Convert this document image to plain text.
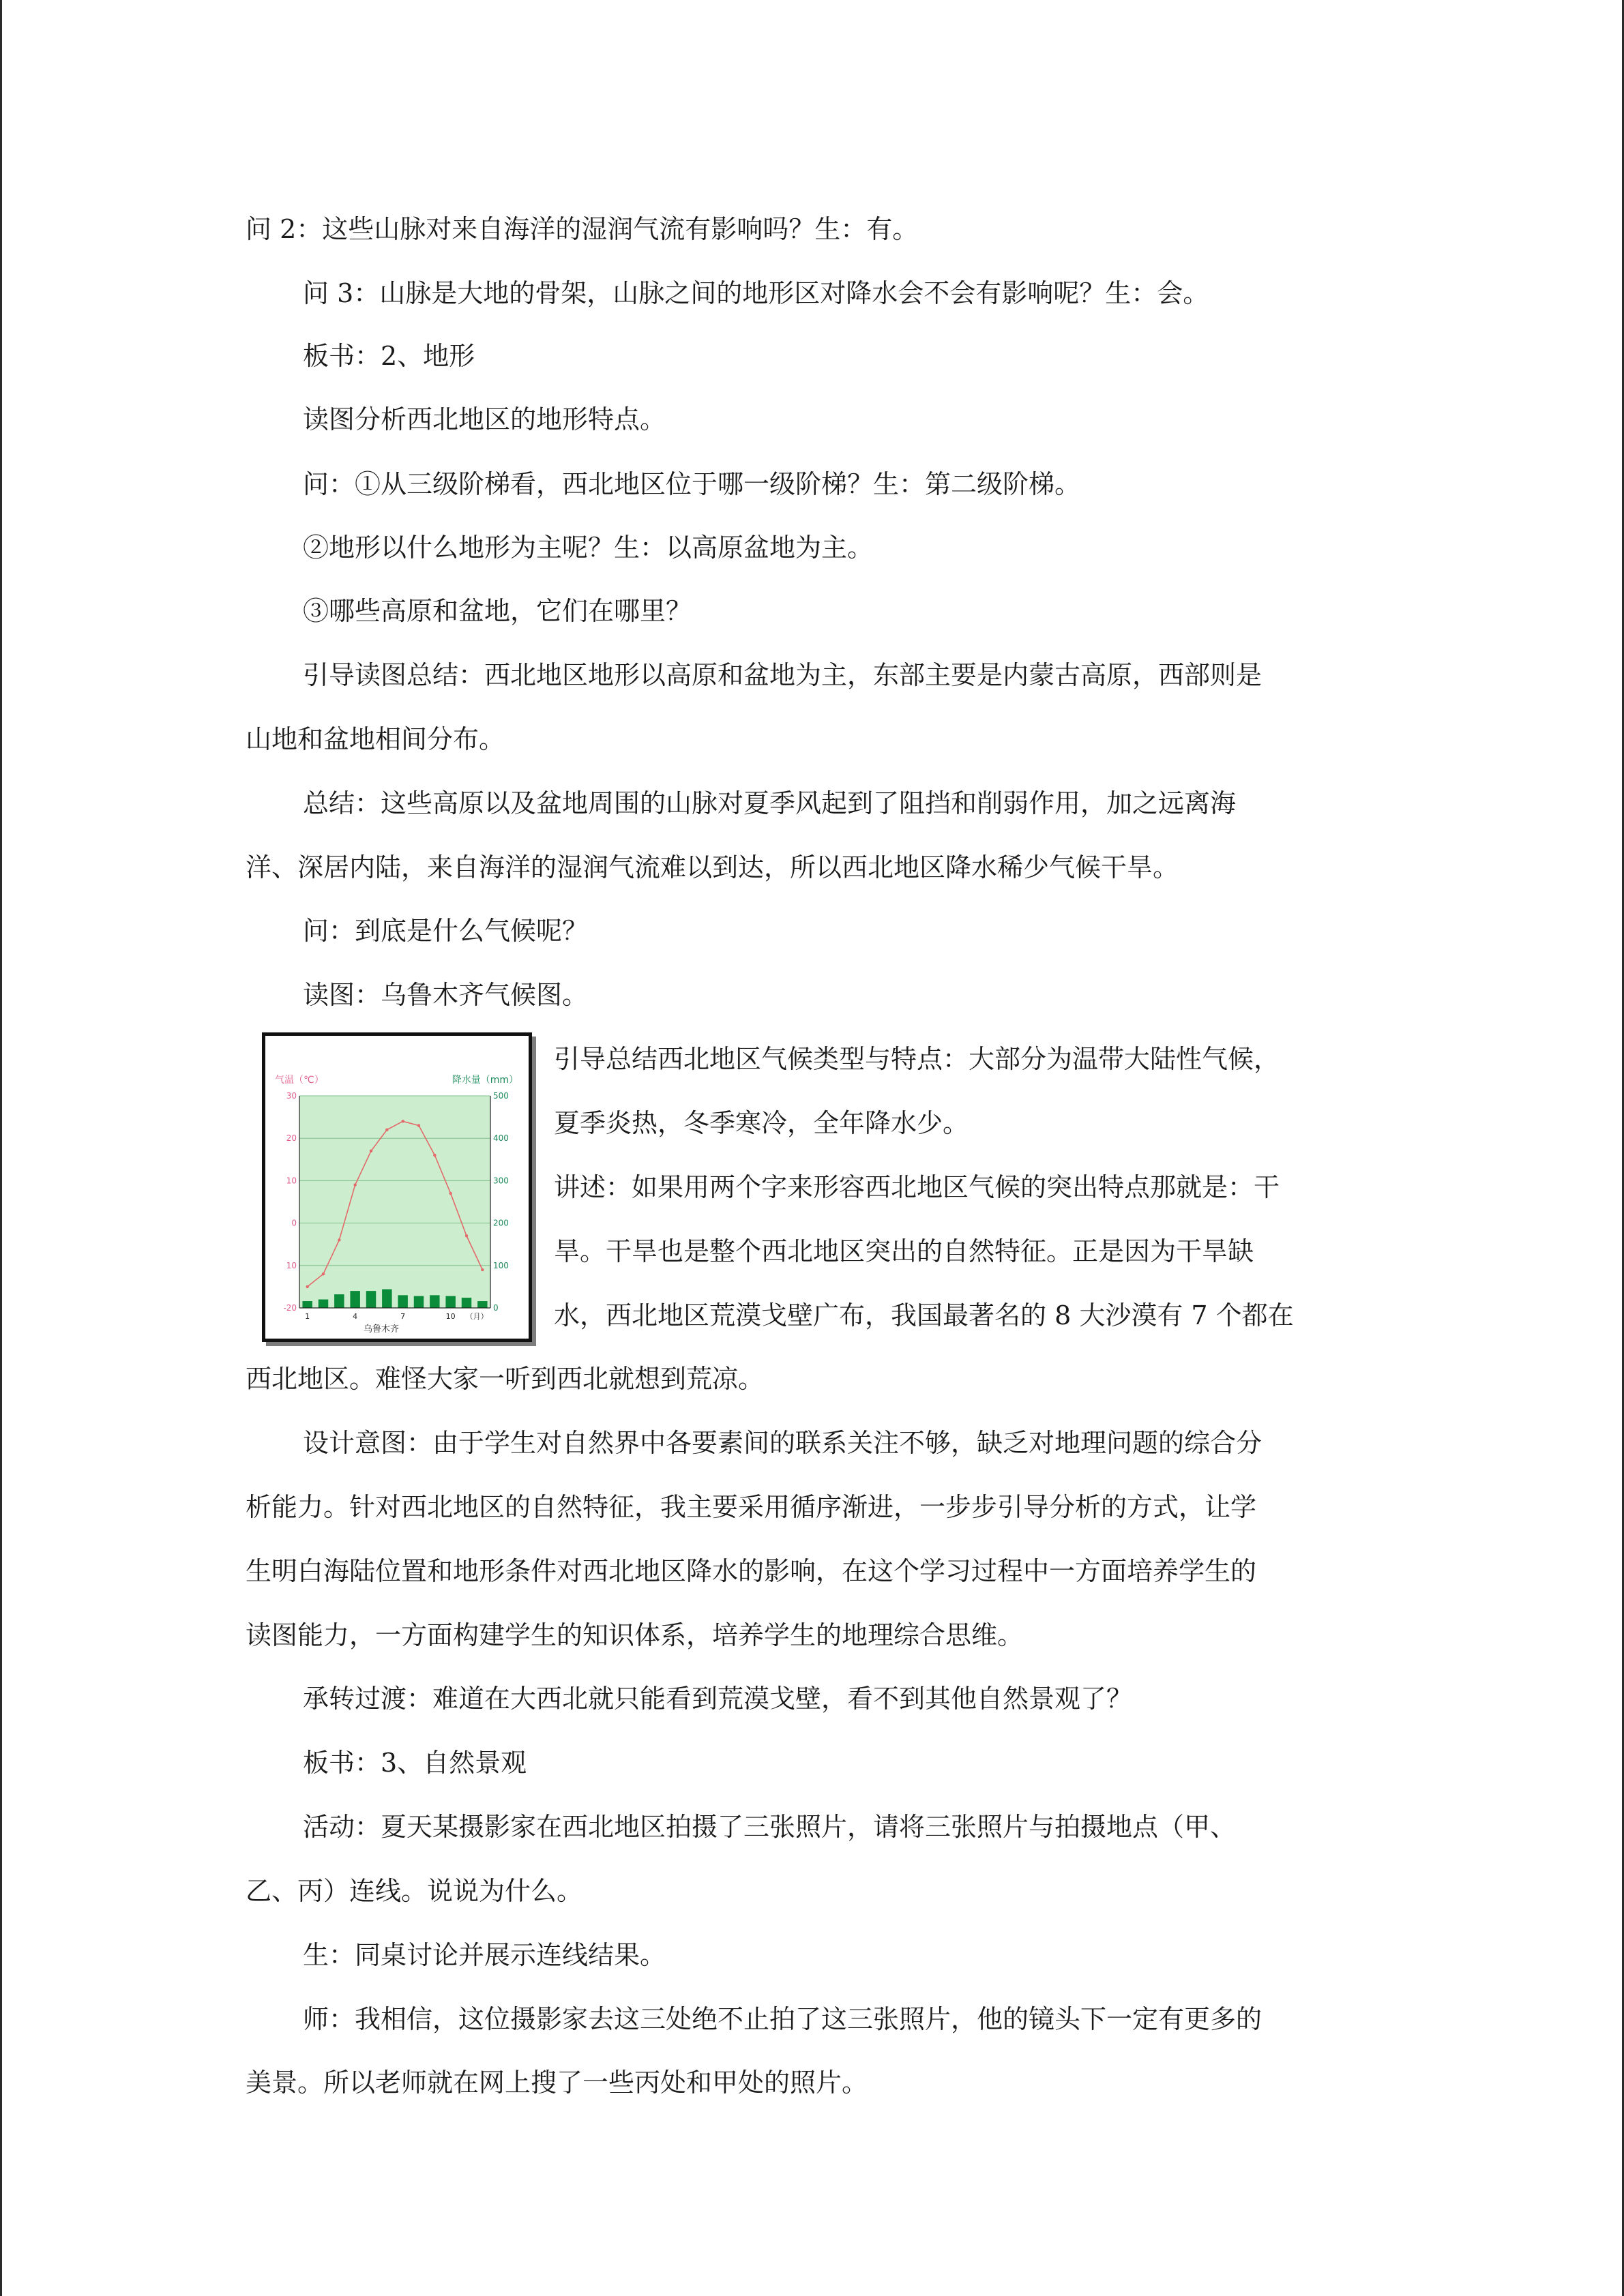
问 2：这些山脉对来自海洋的湿润气流有影响吗？生：有。
问 3：山脉是大地的骨架，山脉之间的地形区对降水会不会有影响呢？生：会。
板书：2、地形
读图分析西北地区的地形特点。
问：①从三级阶梯看，西北地区位于哪一级阶梯？生：第二级阶梯。
②地形以什么地形为主呢？生：以高原盆地为主。
③哪些高原和盆地，它们在哪里？
引导读图总结：西北地区地形以高原和盆地为主，东部主要是内蒙古高原，西部则是
山地和盆地相间分布。
总结：这些高原以及盆地周围的山脉对夏季风起到了阻挡和削弱作用，加之远离海
洋、深居内陆，来自海洋的湿润气流难以到达，所以西北地区降水稀少气候干旱。
问：到底是什么气候呢？
读图：乌鲁木齐气候图。
引导总结西北地区气候类型与特点：大部分为温带大陆性气候，
夏季炎热，冬季寒冷，全年降水少。
讲述：如果用两个字来形容西北地区气候的突出特点那就是：干
旱。干旱也是整个西北地区突出的自然特征。正是因为干旱缺
水，西北地区荒漠戈壁广布，我国最著名的 8 大沙漠有 7 个都在
西北地区。难怪大家一听到西北就想到荒凉。
设计意图：由于学生对自然界中各要素间的联系关注不够，缺乏对地理问题的综合分
析能力。针对西北地区的自然特征，我主要采用循序渐进，一步步引导分析的方式，让学
生明白海陆位置和地形条件对西北地区降水的影响，在这个学习过程中一方面培养学生的
读图能力，一方面构建学生的知识体系，培养学生的地理综合思维。
承转过渡：难道在大西北就只能看到荒漠戈壁，看不到其他自然景观了？
板书：3、自然景观
活动：夏天某摄影家在西北地区拍摄了三张照片，请将三张照片与拍摄地点（甲、
乙、丙）连线。说说为什么。
生：同桌讨论并展示连线结果。
师：我相信，这位摄影家去这三处绝不止拍了这三张照片，他的镜头下一定有更多的
美景。所以老师就在网上搜了一些丙处和甲处的照片。
30
20
10
0
10
-20
500
400
300
200
100
0
1	4	7	10 （月）
气温（℃）	降水量（mm）
乌鲁木齐
